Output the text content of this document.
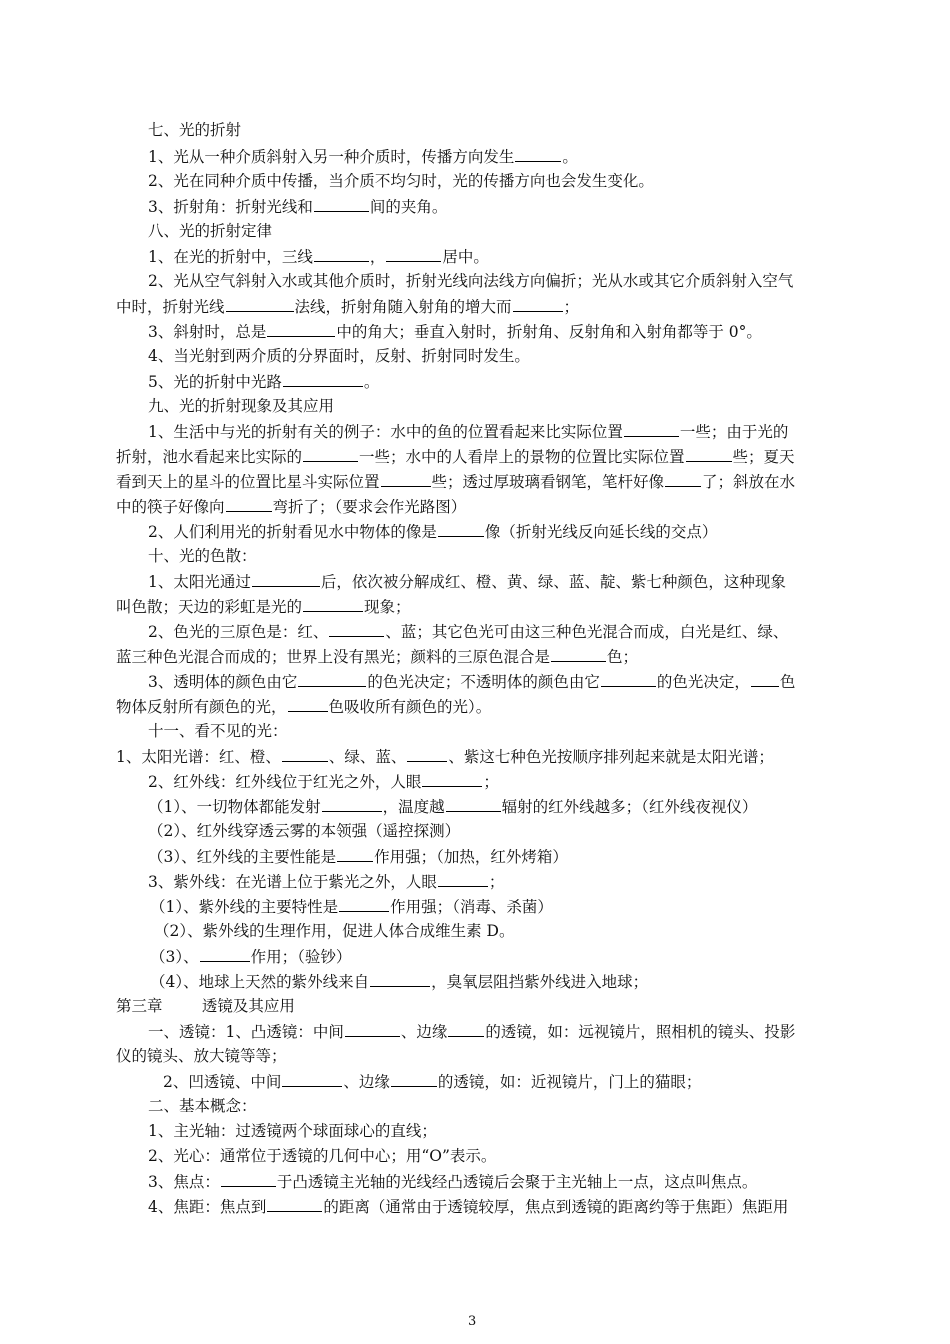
七、光的折射
1、光从一种介质斜射入另一种介质时，传播方向发生	。
2、光在同种介质中传播，当介质不均匀时，光的传播方向也会发生变化。
3、折射角：折射光线和	间的夹角。
八、光的折射定律
1、在光的折射中，三线	，	居中。
2、光从空气斜射入水或其他介质时，折射光线向法线方向偏折；光从水或其它介质斜射入空气
中时，折射光线	法线，折射角随入射角的增大而	；
3、斜射时，总是	中的角大；垂直入射时，折射角、反射角和入射角都等于 0°。
4、当光射到两介质的分界面时，反射、折射同时发生。
5、光的折射中光路	。
九、光的折射现象及其应用
1、生活中与光的折射有关的例子：水中的鱼的位置看起来比实际位置	一些；由于光的
折射，池水看起来比实际的	一些；水中的人看岸上的景物的位置比实际位置	些；夏天
看到天上的星斗的位置比星斗实际位置	些；透过厚玻璃看钢笔，笔杆好像 了；斜放在水
中的筷子好像向	弯折了；（要求会作光路图）
2、人们利用光的折射看见水中物体的像是	像（折射光线反向延长线的交点）
十、光的色散：
1、太阳光通过	后，依次被分解成红、橙、黄、绿、蓝、靛、紫七种颜色，这种现象
叫色散；天边的彩虹是光的	现象；
2、色光的三原色是：红、	、蓝；其它色光可由这三种色光混合而成，白光是红、绿、
蓝三种色光混合而成的；世界上没有黑光；颜料的三原色混合是	色；
3、透明体的颜色由它	的色光决定；不透明体的颜色由它	的色光决定， 色
物体反射所有颜色的光，	色吸收所有颜色的光）。
十一、看不见的光：
1、太阳光谱：红、橙、	、绿、蓝、	、紫这七种色光按顺序排列起来就是太阳光谱；
2、红外线：红外线位于红光之外，人眼	；
（1）、一切物体都能发射	，温度越	辐射的红外线越多；（红外线夜视仪）
（2）、红外线穿透云雾的本领强（遥控探测）
（3）、红外线的主要性能是 作用强；（加热，红外烤箱）
3、紫外线：在光谱上位于紫光之外，人眼	；
（1）、紫外线的主要特性是	作用强；（消毒、杀菌）
（2）、紫外线的生理作用，促进人体合成维生素 D。
（3）、	作用；（验钞）
（4）、地球上天然的紫外线来自	，臭氧层阻挡紫外线进入地球；
第三章        透镜及其应用
一、透镜：1、凸透镜：中间	、边缘 的透镜，如：远视镜片，照相机的镜头、投影
仪的镜头、放大镜等等；
2、凹透镜、中间	、边缘	的透镜，如：近视镜片，门上的猫眼；
二、基本概念：
1、主光轴：过透镜两个球面球心的直线；
2、光心：通常位于透镜的几何中心；用“O”表示。
3、焦点：	于凸透镜主光轴的光线经凸透镜后会聚于主光轴上一点，这点叫焦点。
4、焦距：焦点到	的距离（通常由于透镜较厚，焦点到透镜的距离约等于焦距）焦距用
3
